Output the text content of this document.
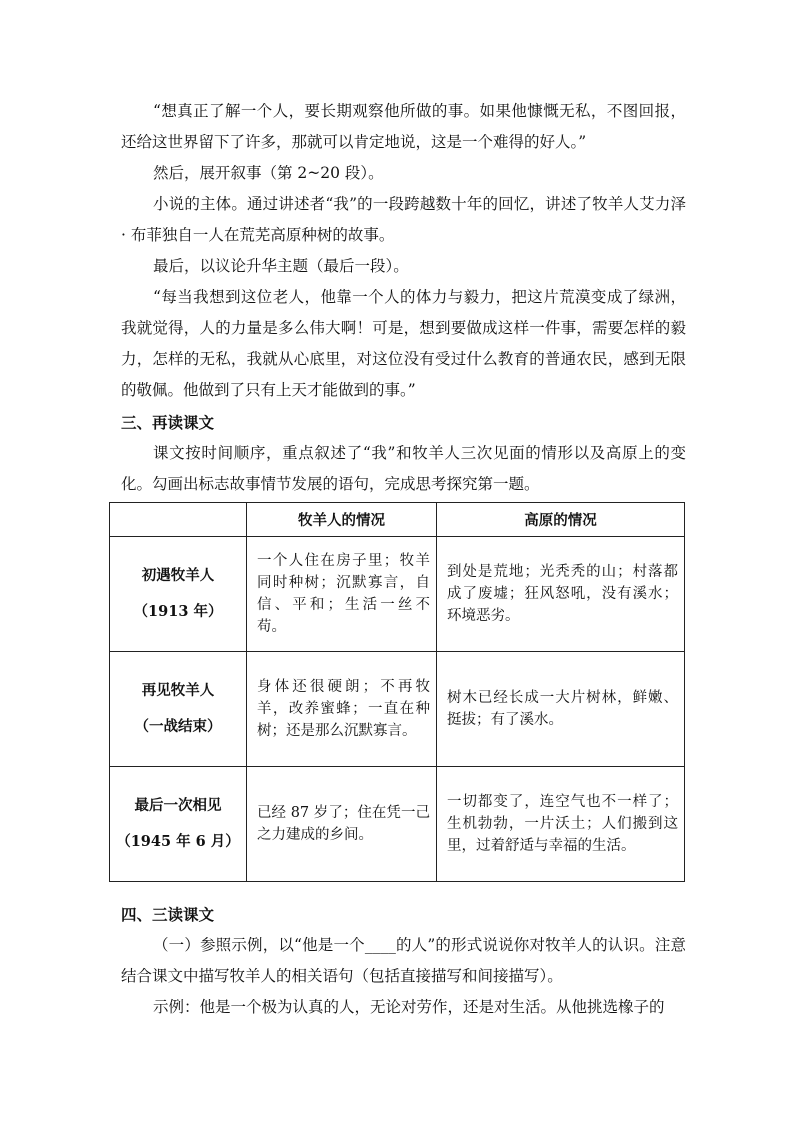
“想真正了解一个人，要长期观察他所做的事。如果他慷慨无私，不图回报，还给这世界留下了许多，那就可以肯定地说，这是一个难得的好人。”

然后，展开叙事（第 2~20 段）。

小说的主体。通过讲述者“我”的一段跨越数十年的回忆，讲述了牧羊人艾力泽 · 布菲独自一人在荒芜高原种树的故事。

最后，以议论升华主题（最后一段）。

“每当我想到这位老人，他靠一个人的体力与毅力，把这片荒漠变成了绿洲，我就觉得，人的力量是多么伟大啊！可是，想到要做成这样一件事，需要怎样的毅力，怎样的无私，我就从心底里，对这位没有受过什么教育的普通农民，感到无限的敬佩。他做到了只有上天才能做到的事。”

三、再读课文

课文按时间顺序，重点叙述了“我”和牧羊人三次见面的情形以及高原上的变化。勾画出标志故事情节发展的语句，完成思考探究第一题。

	牧羊人的情况	高原的情况

初遇牧羊人
（1913 年）	一个人住在房子里；牧羊同时种树；沉默寡言，自信、平和；生活一丝不苟。	到处是荒地；光秃秃的山；村落都成了废墟；狂风怒吼，没有溪水；环境恶劣。

再见牧羊人
（一战结束）	身体还很硬朗；不再牧羊，改养蜜蜂；一直在种树；还是那么沉默寡言。	树木已经长成一大片树林，鲜嫩、挺拔；有了溪水。

最后一次相见
（1945 年 6 月）	已经 87 岁了；住在凭一己之力建成的乡间。	一切都变了，连空气也不一样了；生机勃勃，一片沃土；人们搬到这里，过着舒适与幸福的生活。

四、三读课文

（一）参照示例，以“他是一个____的人”的形式说说你对牧羊人的认识。注意结合课文中描写牧羊人的相关语句（包括直接描写和间接描写）。

示例：他是一个极为认真的人，无论对劳作，还是对生活。从他挑选橡子的
